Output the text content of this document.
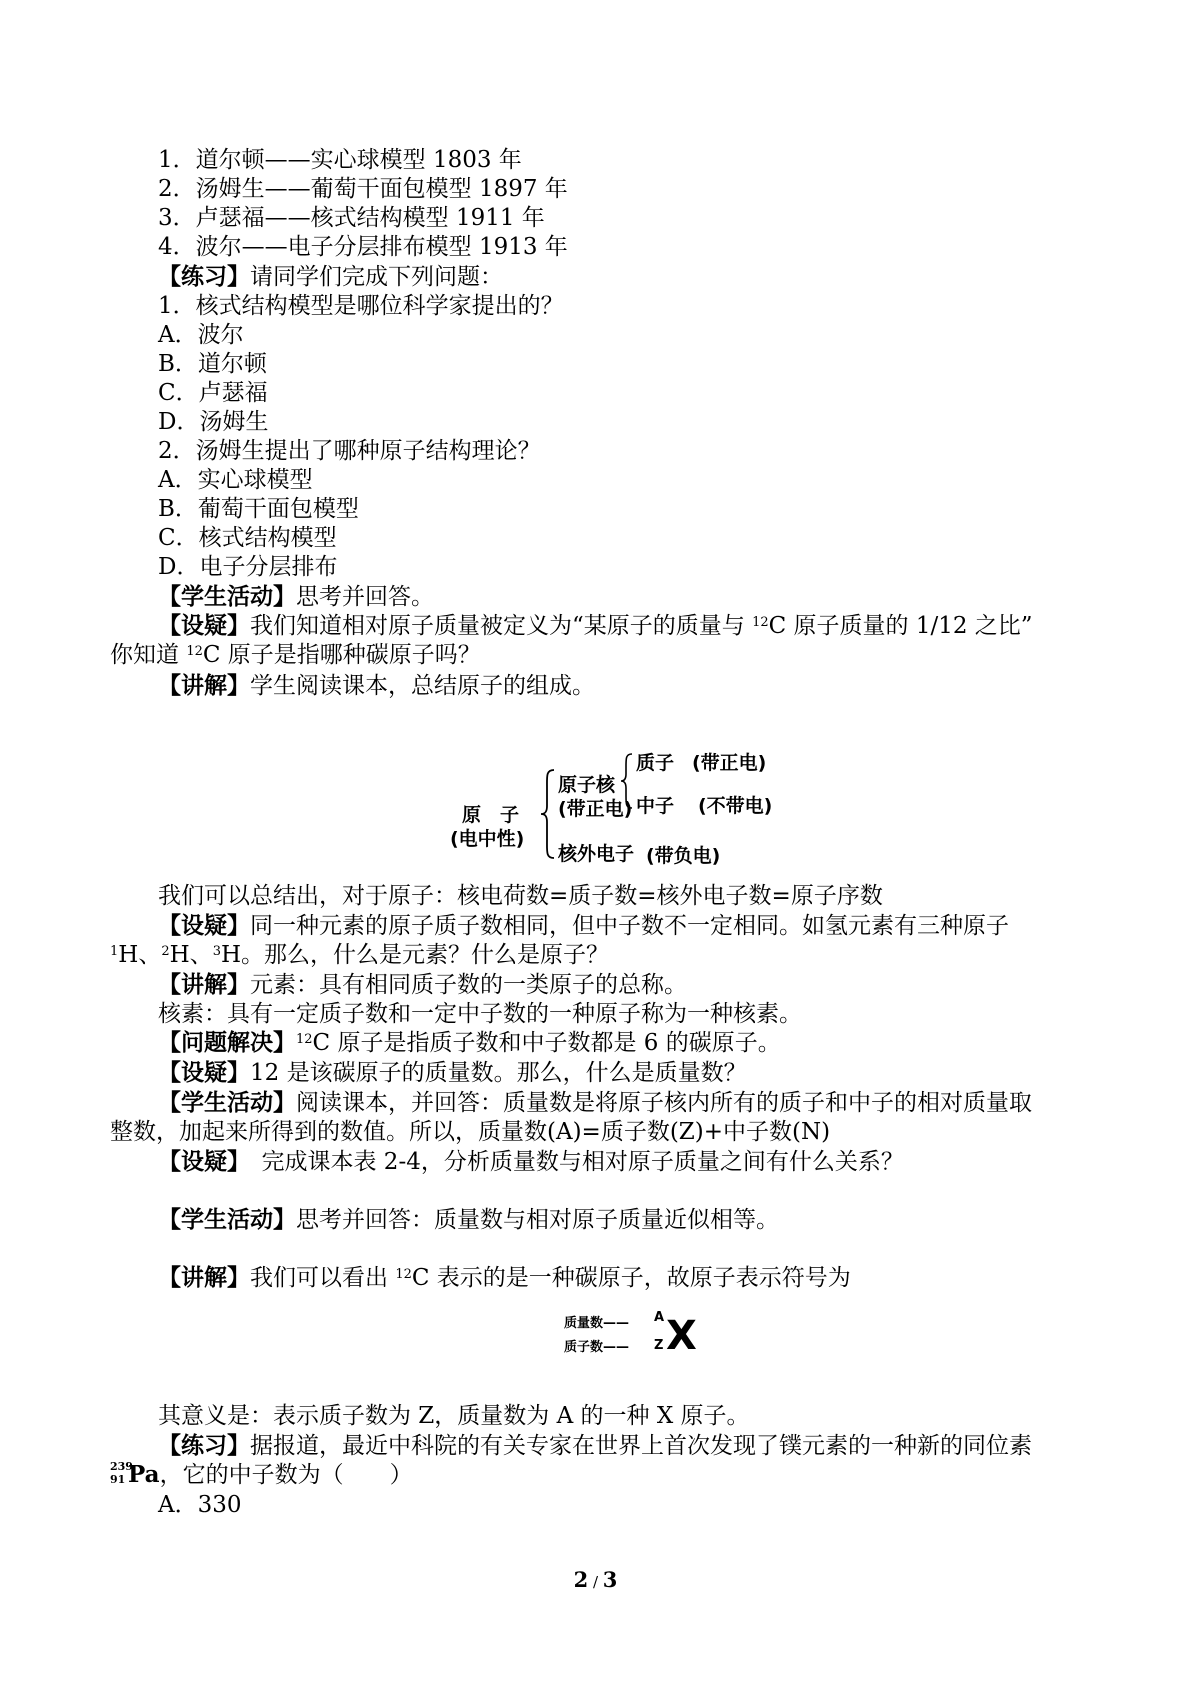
1．道尔顿——实心球模型 1803 年
2．汤姆生——葡萄干面包模型 1897 年
3．卢瑟福——核式结构模型 1911 年
4．波尔——电子分层排布模型 1913 年
【练习】请同学们完成下列问题：
1．核式结构模型是哪位科学家提出的？
A．波尔
B．道尔顿
C．卢瑟福
D．汤姆生
2．汤姆生提出了哪种原子结构理论？
A．实心球模型
B．葡萄干面包模型
C．核式结构模型
D．电子分层排布
【学生活动】思考并回答。
【设疑】我们知道相对原子质量被定义为“某原子的质量与 $^{12}$C 原子质量的 1/12 之比”
你知道 $^{12}$C 原子是指哪种碳原子吗？
【讲解】学生阅读课本，总结原子的组成。
原　子
(电中性)
原子核
(带正电)
质子 (带正电)
中子 (不带电)
核外电子 (带负电)
我们可以总结出，对于原子：核电荷数=质子数=核外电子数=原子序数
【设疑】同一种元素的原子质子数相同，但中子数不一定相同。如氢元素有三种原子
$^1$H、$^2$H、$^3$H。那么，什么是元素？什么是原子？
【讲解】元素：具有相同质子数的一类原子的总称。
核素：具有一定质子数和一定中子数的一种原子称为一种核素。
【问题解决】$^{12}$C 原子是指质子数和中子数都是 6 的碳原子。
【设疑】12 是该碳原子的质量数。那么，什么是质量数？
【学生活动】阅读课本，并回答：质量数是将原子核内所有的质子和中子的相对质量取
整数，加起来所得到的数值。所以，质量数(A)=质子数(Z)+中子数(N)
【设疑】　完成课本表 2-4，分析质量数与相对原子质量之间有什么关系？
【学生活动】思考并回答：质量数与相对原子质量近似相等。
【讲解】我们可以看出 $^{12}$C 表示的是一种碳原子，故原子表示符号为
质量数—— A
质子数—— Z X
其意义是：表示质子数为 Z，质量数为 A 的一种 X 原子。
【练习】据报道，最近中科院的有关专家在世界上首次发现了镤元素的一种新的同位素
239
91 Pa，它的中子数为（　　）
A．330
2 / 3
